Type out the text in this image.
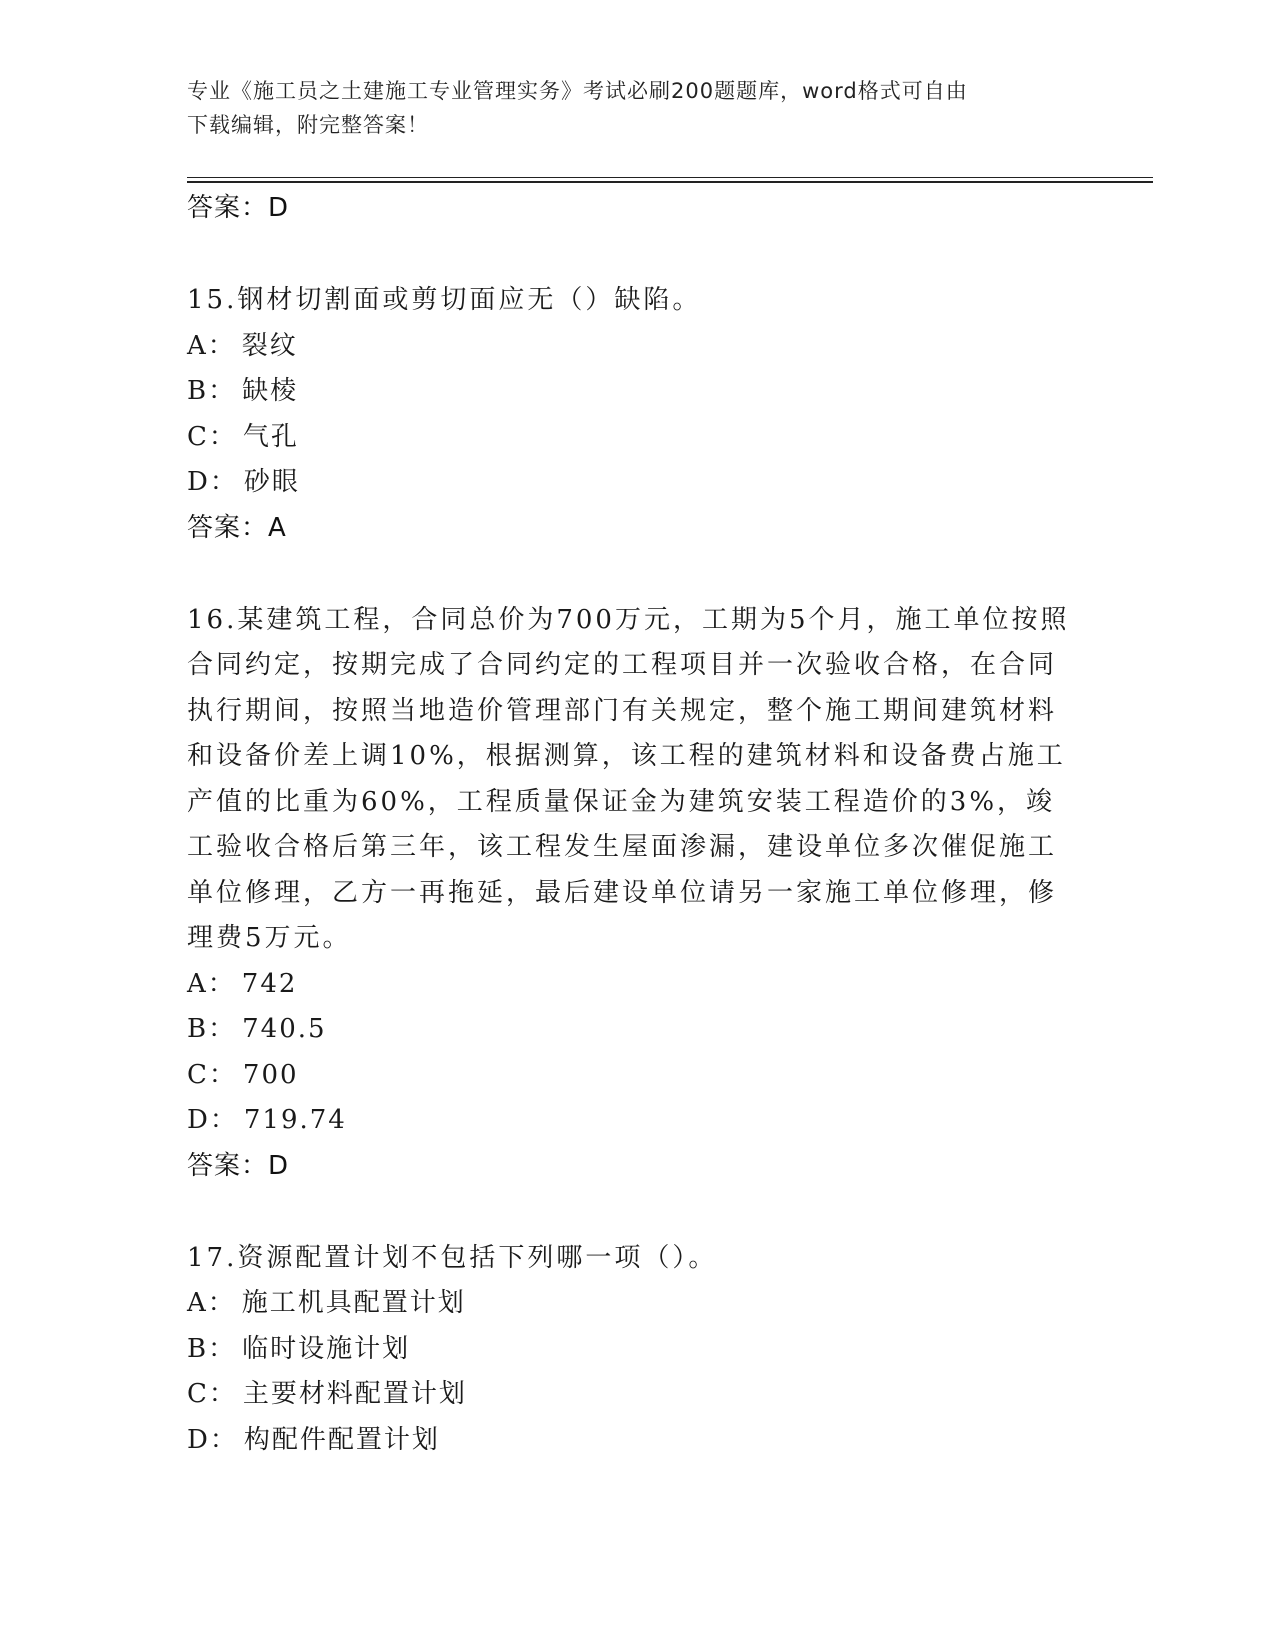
专业《施工员之土建施工专业管理实务》考试必刷200题题库，word格式可自由
下载编辑，附完整答案！
答案：D

15.钢材切割面或剪切面应无（）缺陷。

A： 裂纹
B： 缺棱
C： 气孔
D： 砂眼
答案：A

16.某建筑工程，合同总价为700万元，工期为5个月，施工单位按照合同约定，按期完成了合同约定的工程项目并一次验收合格，在合同执行期间，按照当地造价管理部门有关规定，整个施工期间建筑材料和设备价差上调10%，根据测算，该工程的建筑材料和设备费占施工产值的比重为60%，工程质量保证金为建筑安装工程造价的3%，竣工验收合格后第三年，该工程发生屋面渗漏，建设单位多次催促施工单位修理，乙方一再拖延，最后建设单位请另一家施工单位修理，修理费5万元。

A： 742
B： 740.5
C： 700
D： 719.74
答案：D

17.资源配置计划不包括下列哪一项（）。

A： 施工机具配置计划
B： 临时设施计划
C： 主要材料配置计划
D： 构配件配置计划
